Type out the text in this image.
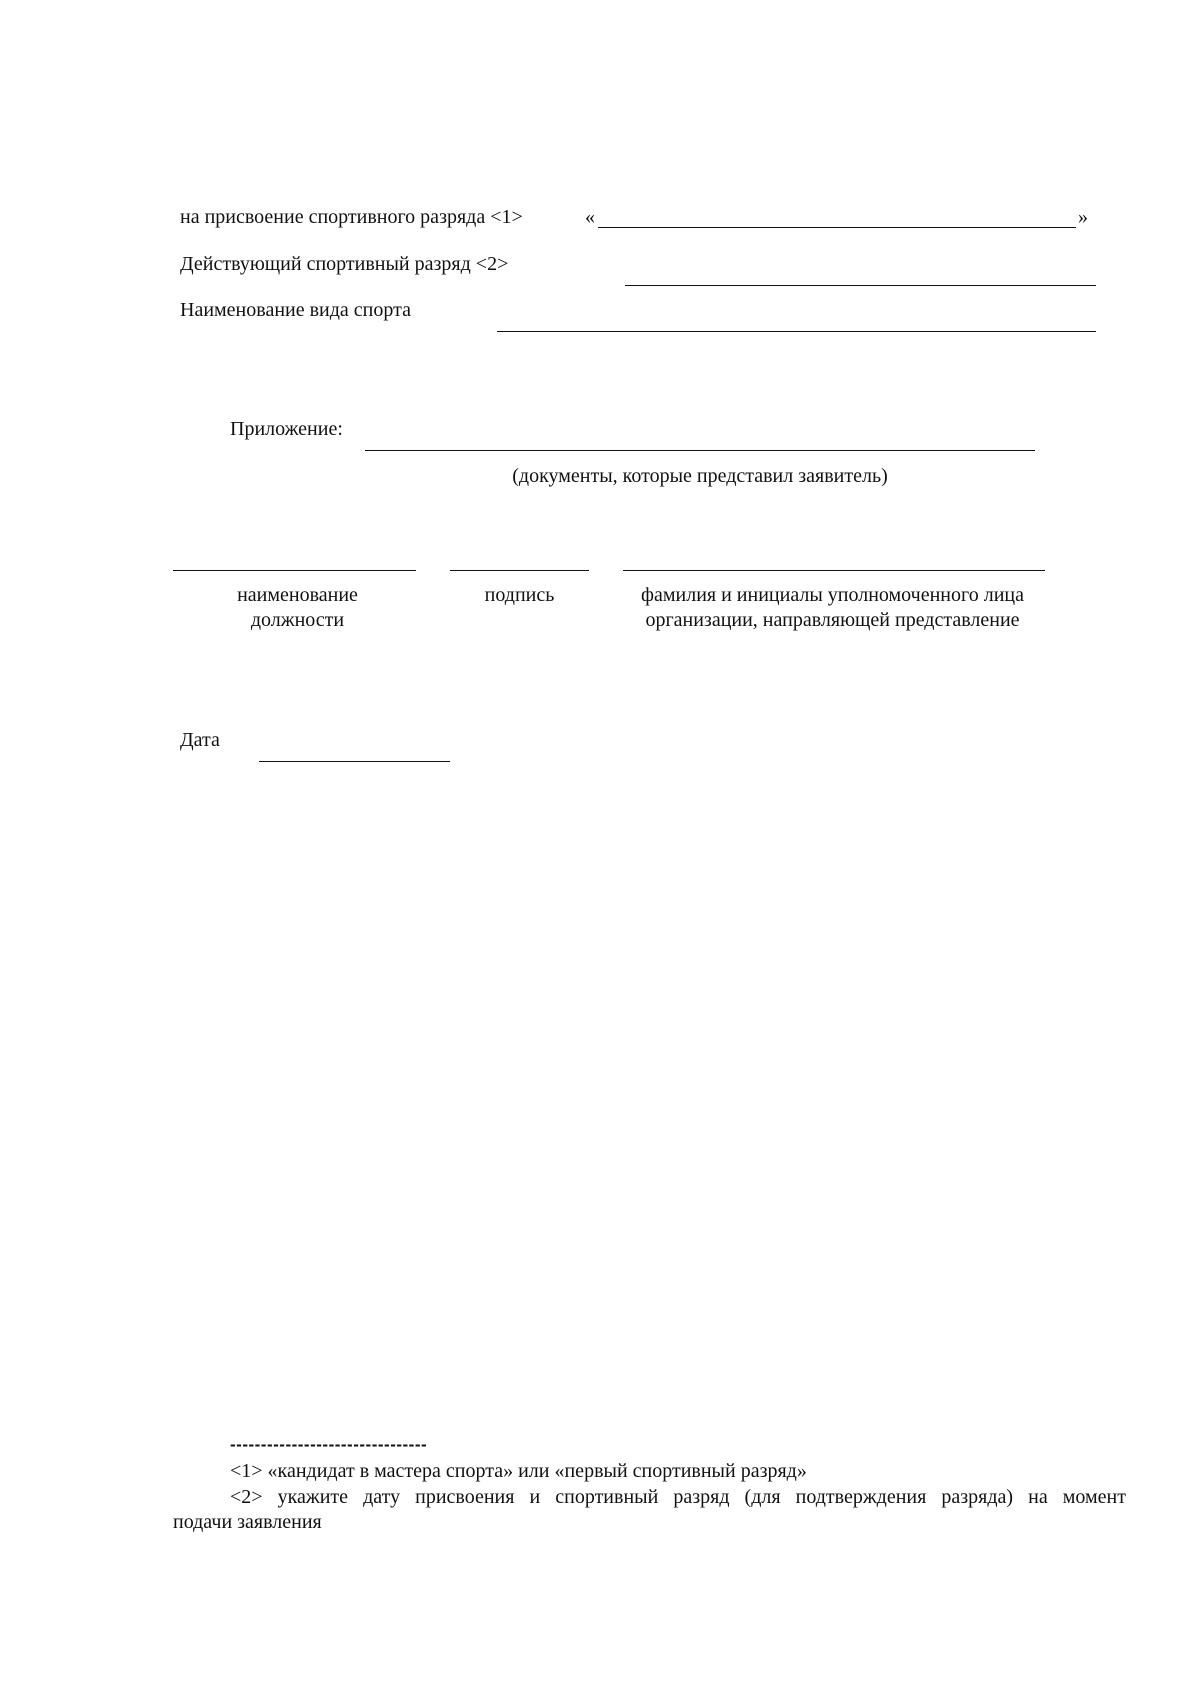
на присвоение спортивного разряда <1>	«	»
Действующий спортивный разряд <2>
Наименование вида спорта
Приложение:
(документы, которые представил заявитель)
наименование должности
подпись	фамилия и инициалы уполномоченного лица организации, направляющей представление
Дата
--------------------------------
<1> «кандидат в мастера спорта» или «первый спортивный разряд»
<2> укажите дату присвоения и спортивный разряд (для подтверждения разряда) на момент
подачи заявления
